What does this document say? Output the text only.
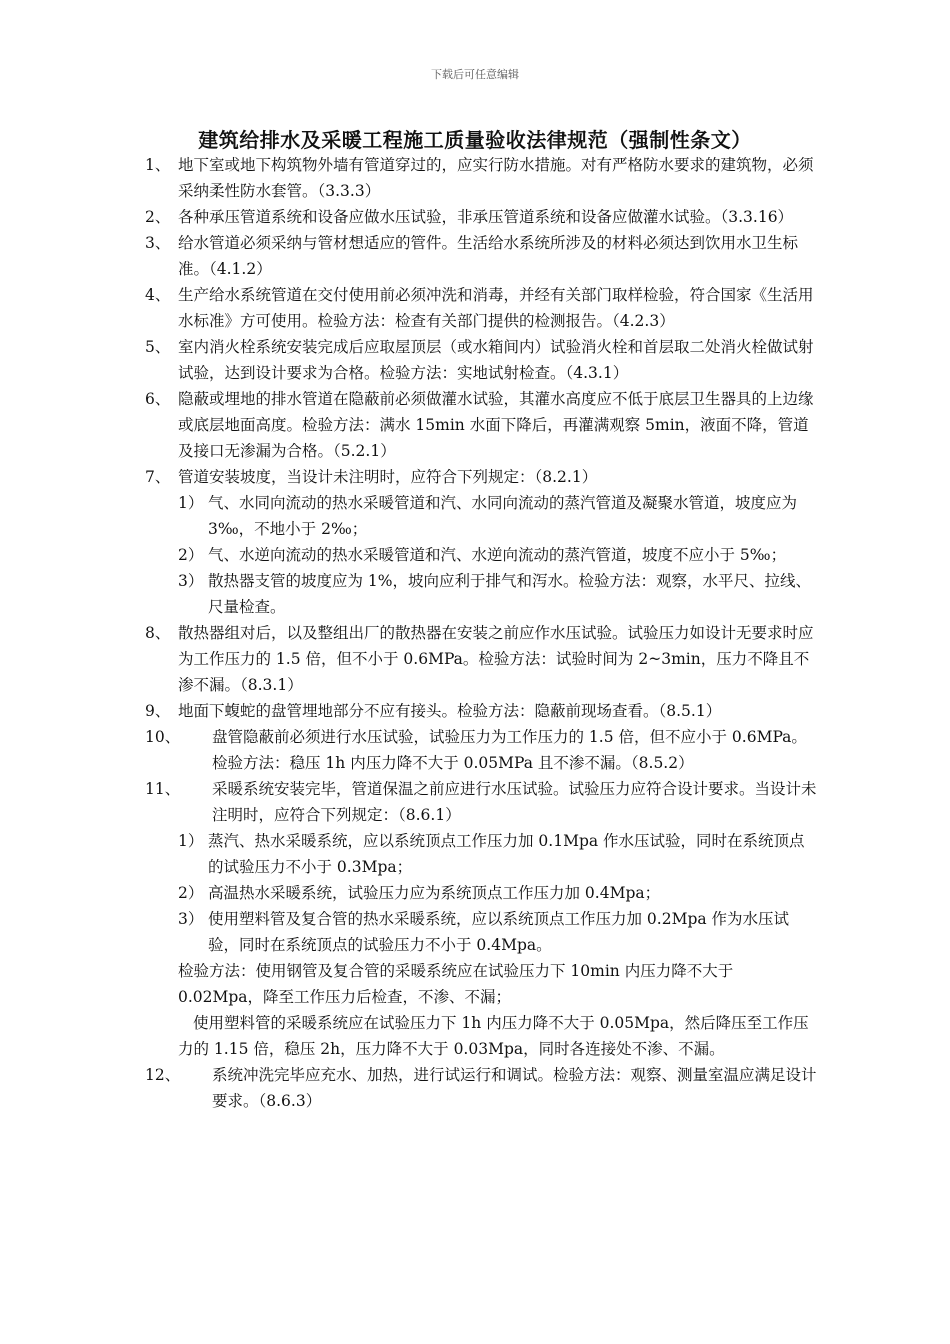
下载后可任意编辑
建筑给排水及采暖工程施工质量验收法律规范（强制性条文）
1、 地下室或地下构筑物外墙有管道穿过的，应实行防水措施。对有严格防水要求的建筑物，必须采纳柔性防水套管。（3.3.3）
2、 各种承压管道系统和设备应做水压试验，非承压管道系统和设备应做灌水试验。（3.3.16）
3、 给水管道必须采纳与管材想适应的管件。生活给水系统所涉及的材料必须达到饮用水卫生标准。（4.1.2）
4、 生产给水系统管道在交付使用前必须冲洗和消毒，并经有关部门取样检验，符合国家《生活用水标准》方可使用。检验方法：检查有关部门提供的检测报告。（4.2.3）
5、 室内消火栓系统安装完成后应取屋顶层（或水箱间内）试验消火栓和首层取二处消火栓做试射试验，达到设计要求为合格。检验方法：实地试射检查。（4.3.1）
6、 隐蔽或埋地的排水管道在隐蔽前必须做灌水试验，其灌水高度应不低于底层卫生器具的上边缘或底层地面高度。检验方法：满水 15min 水面下降后，再灌满观察 5min，液面不降，管道及接口无渗漏为合格。（5.2.1）
7、 管道安装坡度，当设计未注明时，应符合下列规定：（8.2.1）
1） 气、水同向流动的热水采暖管道和汽、水同向流动的蒸汽管道及凝聚水管道，坡度应为 3‰，不地小于 2‰；
2） 气、水逆向流动的热水采暖管道和汽、水逆向流动的蒸汽管道，坡度不应小于 5‰；
3） 散热器支管的坡度应为 1%，坡向应利于排气和泻水。检验方法：观察，水平尺、拉线、尺量检查。
8、 散热器组对后，以及整组出厂的散热器在安装之前应作水压试验。试验压力如设计无要求时应为工作压力的 1.5 倍，但不小于 0.6MPa。检验方法：试验时间为 2~3min，压力不降且不渗不漏。（8.3.1）
9、 地面下蝮蛇的盘管埋地部分不应有接头。检验方法：隐蔽前现场查看。（8.5.1）
10、	盘管隐蔽前必须进行水压试验，试验压力为工作压力的 1.5 倍，但不应小于 0.6MPa。检验方法：稳压 1h 内压力降不大于 0.05MPa 且不渗不漏。（8.5.2）
11、	采暖系统安装完毕，管道保温之前应进行水压试验。试验压力应符合设计要求。当设计未注明时，应符合下列规定：（8.6.1）
1） 蒸汽、热水采暖系统，应以系统顶点工作压力加 0.1Mpa 作水压试验，同时在系统顶点的试验压力不小于 0.3Mpa；
2） 高温热水采暖系统，试验压力应为系统顶点工作压力加 0.4Mpa；
3） 使用塑料管及复合管的热水采暖系统，应以系统顶点工作压力加 0.2Mpa 作为水压试验，同时在系统顶点的试验压力不小于 0.4Mpa。
检验方法：使用钢管及复合管的采暖系统应在试验压力下 10min 内压力降不大于 0.02Mpa，降至工作压力后检查，不渗、不漏；
使用塑料管的采暖系统应在试验压力下 1h 内压力降不大于 0.05Mpa，然后降压至工作压力的 1.15 倍，稳压 2h，压力降不大于 0.03Mpa，同时各连接处不渗、不漏。
12、	系统冲洗完毕应充水、加热，进行试运行和调试。检验方法：观察、测量室温应满足设计要求。（8.6.3）
